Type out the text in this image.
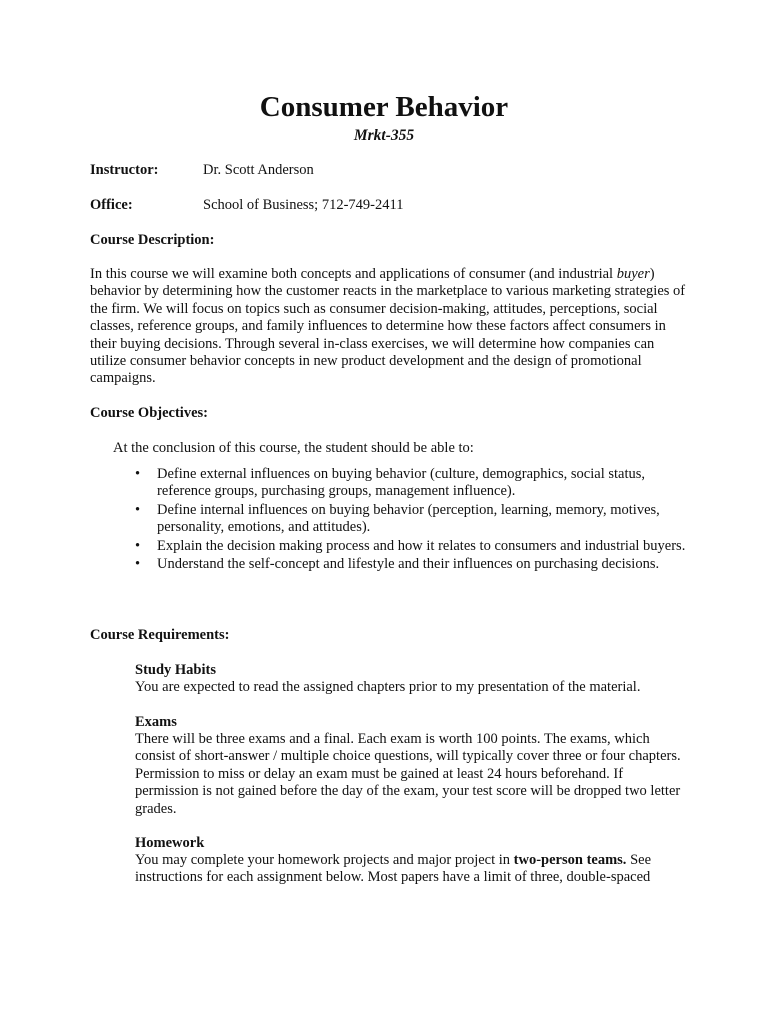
Consumer Behavior
Mrkt-355
Instructor:	Dr. Scott Anderson
Office:	School of Business; 712-749-2411
Course Description:
In this course we will examine both concepts and applications of consumer (and industrial buyer) behavior by determining how the customer reacts in the marketplace to various marketing strategies of the firm. We will focus on topics such as consumer decision-making, attitudes, perceptions, social classes, reference groups, and family influences to determine how these factors affect consumers in their buying decisions. Through several in-class exercises, we will determine how companies can utilize consumer behavior concepts in new product development and the design of promotional campaigns.
Course Objectives:
At the conclusion of this course, the student should be able to:
• Define external influences on buying behavior (culture, demographics, social status, reference groups, purchasing groups, management influence).
• Define internal influences on buying behavior (perception, learning, memory, motives, personality, emotions, and attitudes).
• Explain the decision making process and how it relates to consumers and industrial buyers.
• Understand the self-concept and lifestyle and their influences on purchasing decisions.
Course Requirements:
Study Habits
You are expected to read the assigned chapters prior to my presentation of the material.
Exams
There will be three exams and a final. Each exam is worth 100 points. The exams, which consist of short-answer / multiple choice questions, will typically cover three or four chapters. Permission to miss or delay an exam must be gained at least 24 hours beforehand. If permission is not gained before the day of the exam, your test score will be dropped two letter grades.
Homework
You may complete your homework projects and major project in two-person teams. See instructions for each assignment below. Most papers have a limit of three, double-spaced
